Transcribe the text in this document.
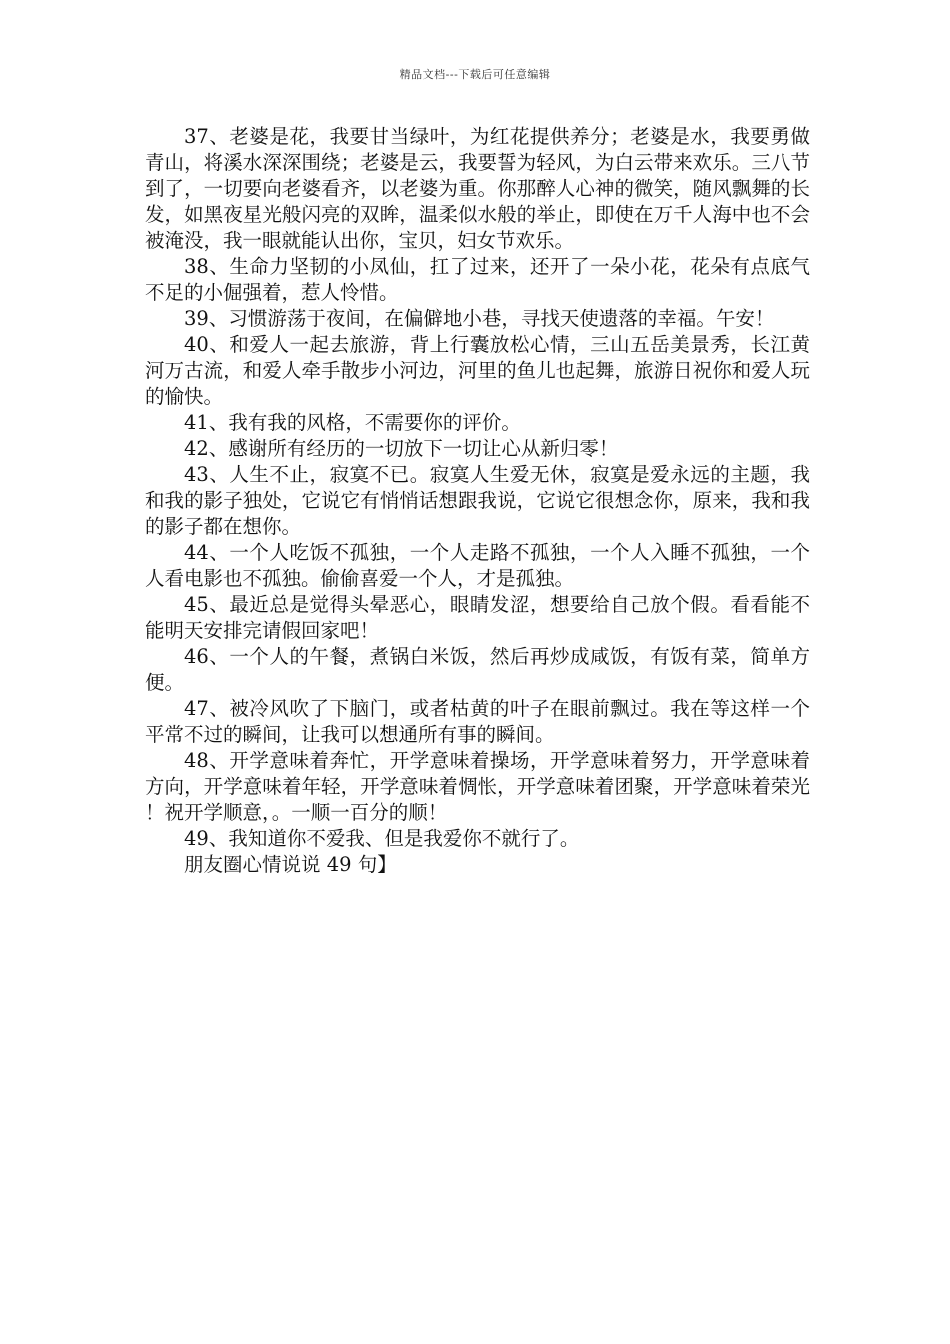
精品文档---下载后可任意编辑

37、老婆是花，我要甘当绿叶，为红花提供养分；老婆是水，我要勇做青山，将溪水深深围绕；老婆是云，我要誓为轻风，为白云带来欢乐。三八节到了，一切要向老婆看齐，以老婆为重。你那醉人心神的微笑，随风飘舞的长发，如黑夜星光般闪亮的双眸，温柔似水般的举止，即使在万千人海中也不会被淹没，我一眼就能认出你，宝贝，妇女节欢乐。

38、生命力坚韧的小凤仙，扛了过来，还开了一朵小花，花朵有点底气不足的小倔强着，惹人怜惜。

39、习惯游荡于夜间，在偏僻地小巷，寻找天使遗落的幸福。午安！

40、和爱人一起去旅游，背上行囊放松心情，三山五岳美景秀，长江黄河万古流，和爱人牵手散步小河边，河里的鱼儿也起舞，旅游日祝你和爱人玩的愉快。

41、我有我的风格，不需要你的评价。

42、感谢所有经历的一切放下一切让心从新归零！

43、人生不止，寂寞不已。寂寞人生爱无休，寂寞是爱永远的主题，我和我的影子独处，它说它有悄悄话想跟我说，它说它很想念你，原来，我和我的影子都在想你。

44、一个人吃饭不孤独，一个人走路不孤独，一个人入睡不孤独，一个人看电影也不孤独。偷偷喜爱一个人，才是孤独。

45、最近总是觉得头晕恶心，眼睛发涩，想要给自己放个假。看看能不能明天安排完请假回家吧！

46、一个人的午餐，煮锅白米饭，然后再炒成咸饭，有饭有菜，简单方便。

47、被冷风吹了下脑门，或者枯黄的叶子在眼前飘过。我在等这样一个平常不过的瞬间，让我可以想通所有事的瞬间。

48、开学意味着奔忙，开学意味着操场，开学意味着努力，开学意味着方向，开学意味着年轻，开学意味着惆怅，开学意味着团聚，开学意味着荣光！祝开学顺意，。一顺一百分的顺！

49、我知道你不爱我、但是我爱你不就行了。

朋友圈心情说说 49 句】
